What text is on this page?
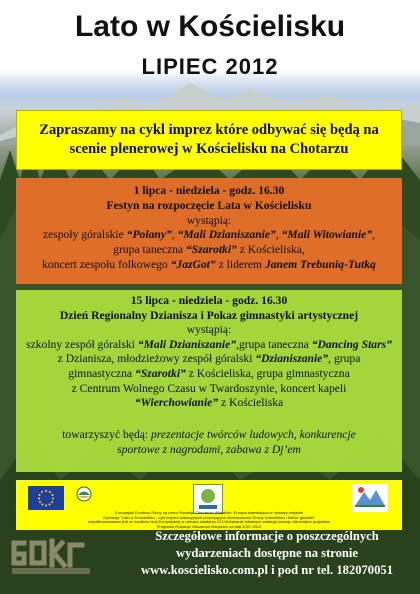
Lato w Kościelisku
LIPIEC 2012
Zapraszamy na cykl imprez które odbywać się będą na
scenie plenerowej w Kościelisku na Chotarzu
1 lipca - niedziela - godz. 16.30
Festyn na rozpoczęcie Lata w Kościelisku
wystąpią:
zespoły góralskie “Polany”, “Mali Dzianiszanie”, “Mali Witowianie”,
grupa taneczna “Szarotki” z Kościeliska,
koncert zespołu folkowego “JazGot” z liderem Janem Trebunią-Tutką
15 lipca - niedziela - godz. 16.30
Dzień Regionalny Dzianisza i Pokaz gimnastyki artystycznej
wystąpią:
szkolny zespół góralski “Mali Dzianiszanie”,grupa taneczna “Dancing Stars”
z Dzianisza, młodzieżowy zespół góralski “Dzianiszanie”, grupa
gimnastyczna “Szarotki” z Kościeliska, grupa gimnastyczna
z Centrum Wolnego Czasu w Twardoszynie, koncert kapeli
“Wierchowianie” z Kościeliska
towarzyszyć będą: prezentacje twórców ludowych, konkurencje
sportowe z nagrodami, zabawa z Dj’em
Europejski Fundusz Rolny na rzecz Rozwoju Obszarów Wiejskich: Europa inwestująca w obszary wiejskie
Operacja "Lato w Kościelisku - cykl imprez wakacyjnych promujących mieszkańców Gminy Kościelisko i folklor góralski"
współfinansowana jest ze środków Unii Europejskiej w ramach działania 413 Wdrażanie lokalnych strategii rozwoju dla małych projektów
Programu Rozwoju Obszarów Wiejskich na lata 2007-2013
Szczegółowe informacje o poszczególnych
wydarzeniach dostępne na stronie
www.koscielisko.com.pl i pod nr tel. 182070051
